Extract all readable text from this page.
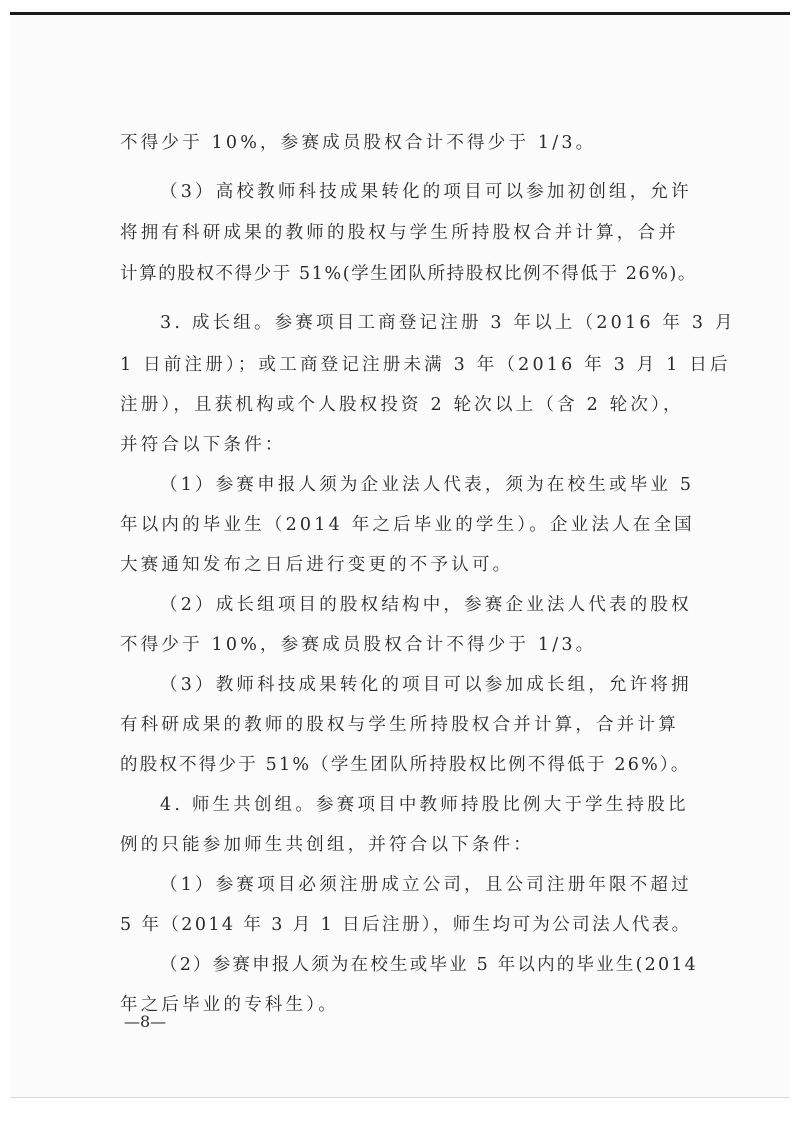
不得少于 10%，参赛成员股权合计不得少于 1/3。
（3）高校教师科技成果转化的项目可以参加初创组，允许
将拥有科研成果的教师的股权与学生所持股权合并计算，合并
计算的股权不得少于 51%(学生团队所持股权比例不得低于 26%)。
3. 成长组。参赛项目工商登记注册 3 年以上（2016 年 3 月
1 日前注册）；或工商登记注册未满 3 年（2016 年 3 月 1 日后
注册），且获机构或个人股权投资 2 轮次以上（含 2 轮次），
并符合以下条件：
（1）参赛申报人须为企业法人代表，须为在校生或毕业 5
年以内的毕业生（2014 年之后毕业的学生）。企业法人在全国
大赛通知发布之日后进行变更的不予认可。
（2）成长组项目的股权结构中，参赛企业法人代表的股权
不得少于 10%，参赛成员股权合计不得少于 1/3。
（3）教师科技成果转化的项目可以参加成长组，允许将拥
有科研成果的教师的股权与学生所持股权合并计算，合并计算
的股权不得少于 51%（学生团队所持股权比例不得低于 26%）。
4. 师生共创组。参赛项目中教师持股比例大于学生持股比
例的只能参加师生共创组，并符合以下条件：
（1）参赛项目必须注册成立公司，且公司注册年限不超过
5 年（2014 年 3 月 1 日后注册），师生均可为公司法人代表。
（2）参赛申报人须为在校生或毕业 5 年以内的毕业生(2014
年之后毕业的专科生）。
—8—
